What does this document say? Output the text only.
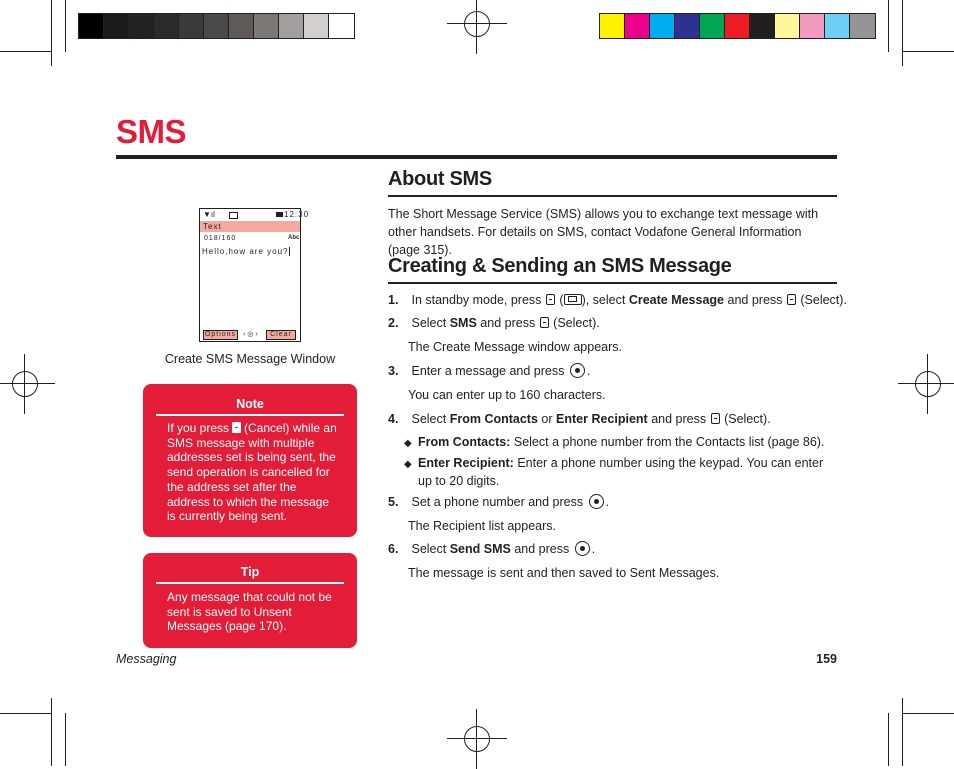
SMS
▼ıl	12:30
Text
018/160	Abc
Hello,how are you?
Options ‹ ◎ ›	Clear
Create SMS Message Window
Note
If you press (Cancel) while an SMS message with multiple addresses set is being sent, the send operation is cancelled for the address set after the address to which the message is currently being sent.
Tip
Any message that could not be sent is saved to Unsent Messages (page 170).
About SMS
The Short Message Service (SMS) allows you to exchange text message with other handsets. For details on SMS, contact Vodafone General Information (page 315).
Creating & Sending an SMS Message
1. In standby mode, press ( ), select Create Message and press (Select).
2. Select SMS and press (Select).
The Create Message window appears.
3. Enter a message and press .
You can enter up to 160 characters.
4. Select From Contacts or Enter Recipient and press (Select).
◆ From Contacts: Select a phone number from the Contacts list (page 86).
◆ Enter Recipient: Enter a phone number using the keypad. You can enter up to 20 digits.
5. Set a phone number and press .
The Recipient list appears.
6. Select Send SMS and press .
The message is sent and then saved to Sent Messages.
Messaging	159
